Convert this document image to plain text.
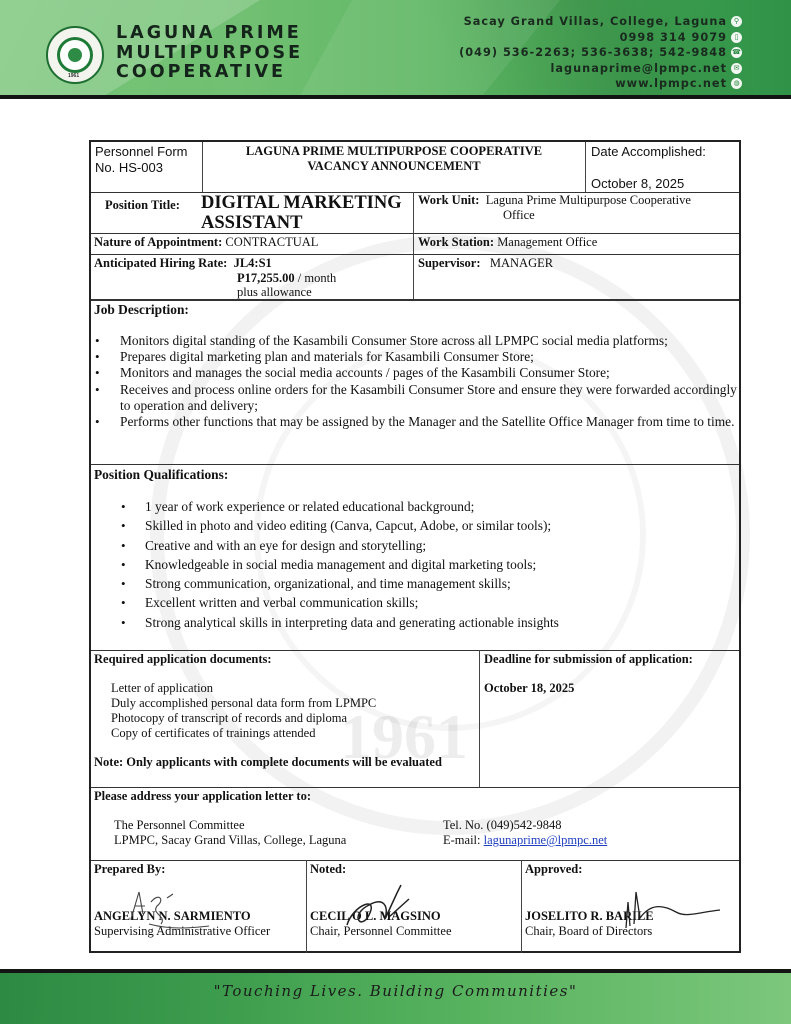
1961
LAGUNA PRIME
MULTIPURPOSE
COOPERATIVE
Sacay Grand Villas, College, Laguna
0998 314 9079
(049) 536-2263; 536-3638; 542-9848
lagunaprime@lpmpc.net
www.lpmpc.net
⚲
▯
☎
✉
◍
1961
Personnel Form
No. HS-003
LAGUNA PRIME MULTIPURPOSE COOPERATIVE
VACANCY ANNOUNCEMENT
Date Accomplished:
October 8, 2025
Position Title: DIGITAL MARKETING
ASSISTANT
Work Unit: Laguna Prime Multipurpose Cooperative
Office
Nature of Appointment: CONTRACTUAL	Work Station: Management Office
Anticipated Hiring Rate: JL4:S1
P17,255.00 / month
plus allowance
Supervisor: MANAGER
Job Description:
• Monitors digital standing of the Kasambili Consumer Store across all LPMPC social media platforms;
• Prepares digital marketing plan and materials for Kasambili Consumer Store;
• Monitors and manages the social media accounts / pages of the Kasambili Consumer Store;
• Receives and process online orders for the Kasambili Consumer Store and ensure they were forwarded accordingly to operation and delivery;
• Performs other functions that may be assigned by the Manager and the Satellite Office Manager from time to time.
Position Qualifications:
• 1 year of work experience or related educational background;
• Skilled in photo and video editing (Canva, Capcut, Adobe, or similar tools);
• Creative and with an eye for design and storytelling;
• Knowledgeable in social media management and digital marketing tools;
• Strong communication, organizational, and time management skills;
• Excellent written and verbal communication skills;
• Strong analytical skills in interpreting data and generating actionable insights
Required application documents:
Letter of application
Duly accomplished personal data form from LPMPC
Photocopy of transcript of records and diploma
Copy of certificates of trainings attended
Note: Only applicants with complete documents will be evaluated
Deadline for submission of application:
October 18, 2025
Please address your application letter to:
The Personnel Committee
LPMPC, Sacay Grand Villas, College, Laguna
Tel. No. (049)542-9848
E-mail: lagunaprime@lpmpc.net
Prepared By:
ANGELYN N. SARMIENTO
Supervising Administrative Officer
Noted:
CECIL O L. MAGSINO
Chair, Personnel Committee
Approved:
JOSELITO R. BARILE
Chair, Board of Directors
"Touching Lives. Building Communities"
